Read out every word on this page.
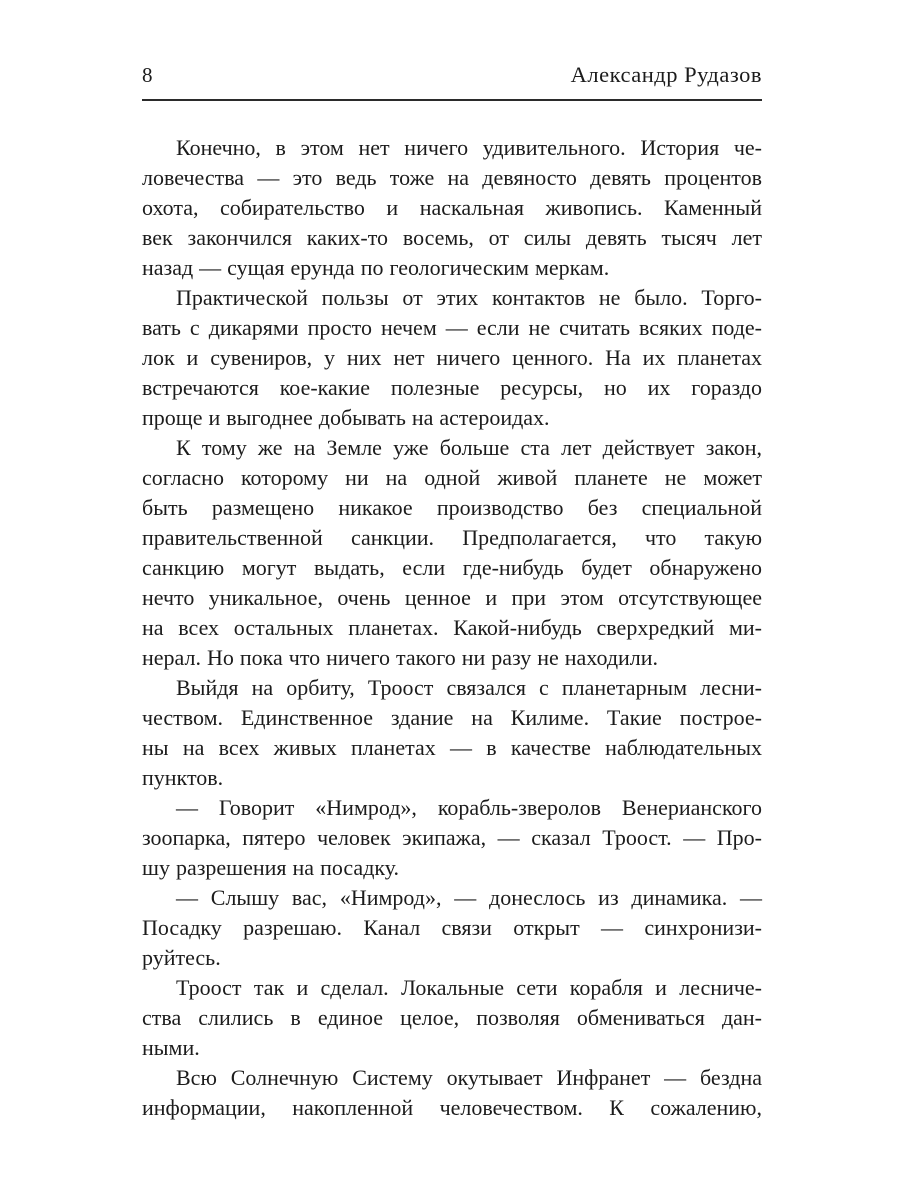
8	Александр Рудазов
Конечно, в этом нет ничего удивительного. История че-
ловечества — это ведь тоже на девяносто девять процентов
охота, собирательство и наскальная живопись. Каменный
век закончился каких-то восемь, от силы девять тысяч лет
назад — сущая ерунда по геологическим меркам.
Практической пользы от этих контактов не было. Торго-
вать с дикарями просто нечем — если не считать всяких поде-
лок и сувениров, у них нет ничего ценного. На их планетах
встречаются кое-какие полезные ресурсы, но их гораздо
проще и выгоднее добывать на астероидах.
К тому же на Земле уже больше ста лет действует закон,
согласно которому ни на одной живой планете не может
быть размещено никакое производство без специальной
правительственной санкции. Предполагается, что такую
санкцию могут выдать, если где-нибудь будет обнаружено
нечто уникальное, очень ценное и при этом отсутствующее
на всех остальных планетах. Какой-нибудь сверхредкий ми-
нерал. Но пока что ничего такого ни разу не находили.
Выйдя на орбиту, Троост связался с планетарным лесни-
чеством. Единственное здание на Килиме. Такие построе-
ны на всех живых планетах — в качестве наблюдательных
пунктов.
— Говорит «Нимрод», корабль-зверолов Венерианского
зоопарка, пятеро человек экипажа, — сказал Троост. — Про-
шу разрешения на посадку.
— Слышу вас, «Нимрод», — донеслось из динамика. —
Посадку разрешаю. Канал связи открыт — синхронизи-
руйтесь.
Троост так и сделал. Локальные сети корабля и лесниче-
ства слились в единое целое, позволяя обмениваться дан-
ными.
Всю Солнечную Систему окутывает Инфранет — бездна
информации, накопленной человечеством. К сожалению,
